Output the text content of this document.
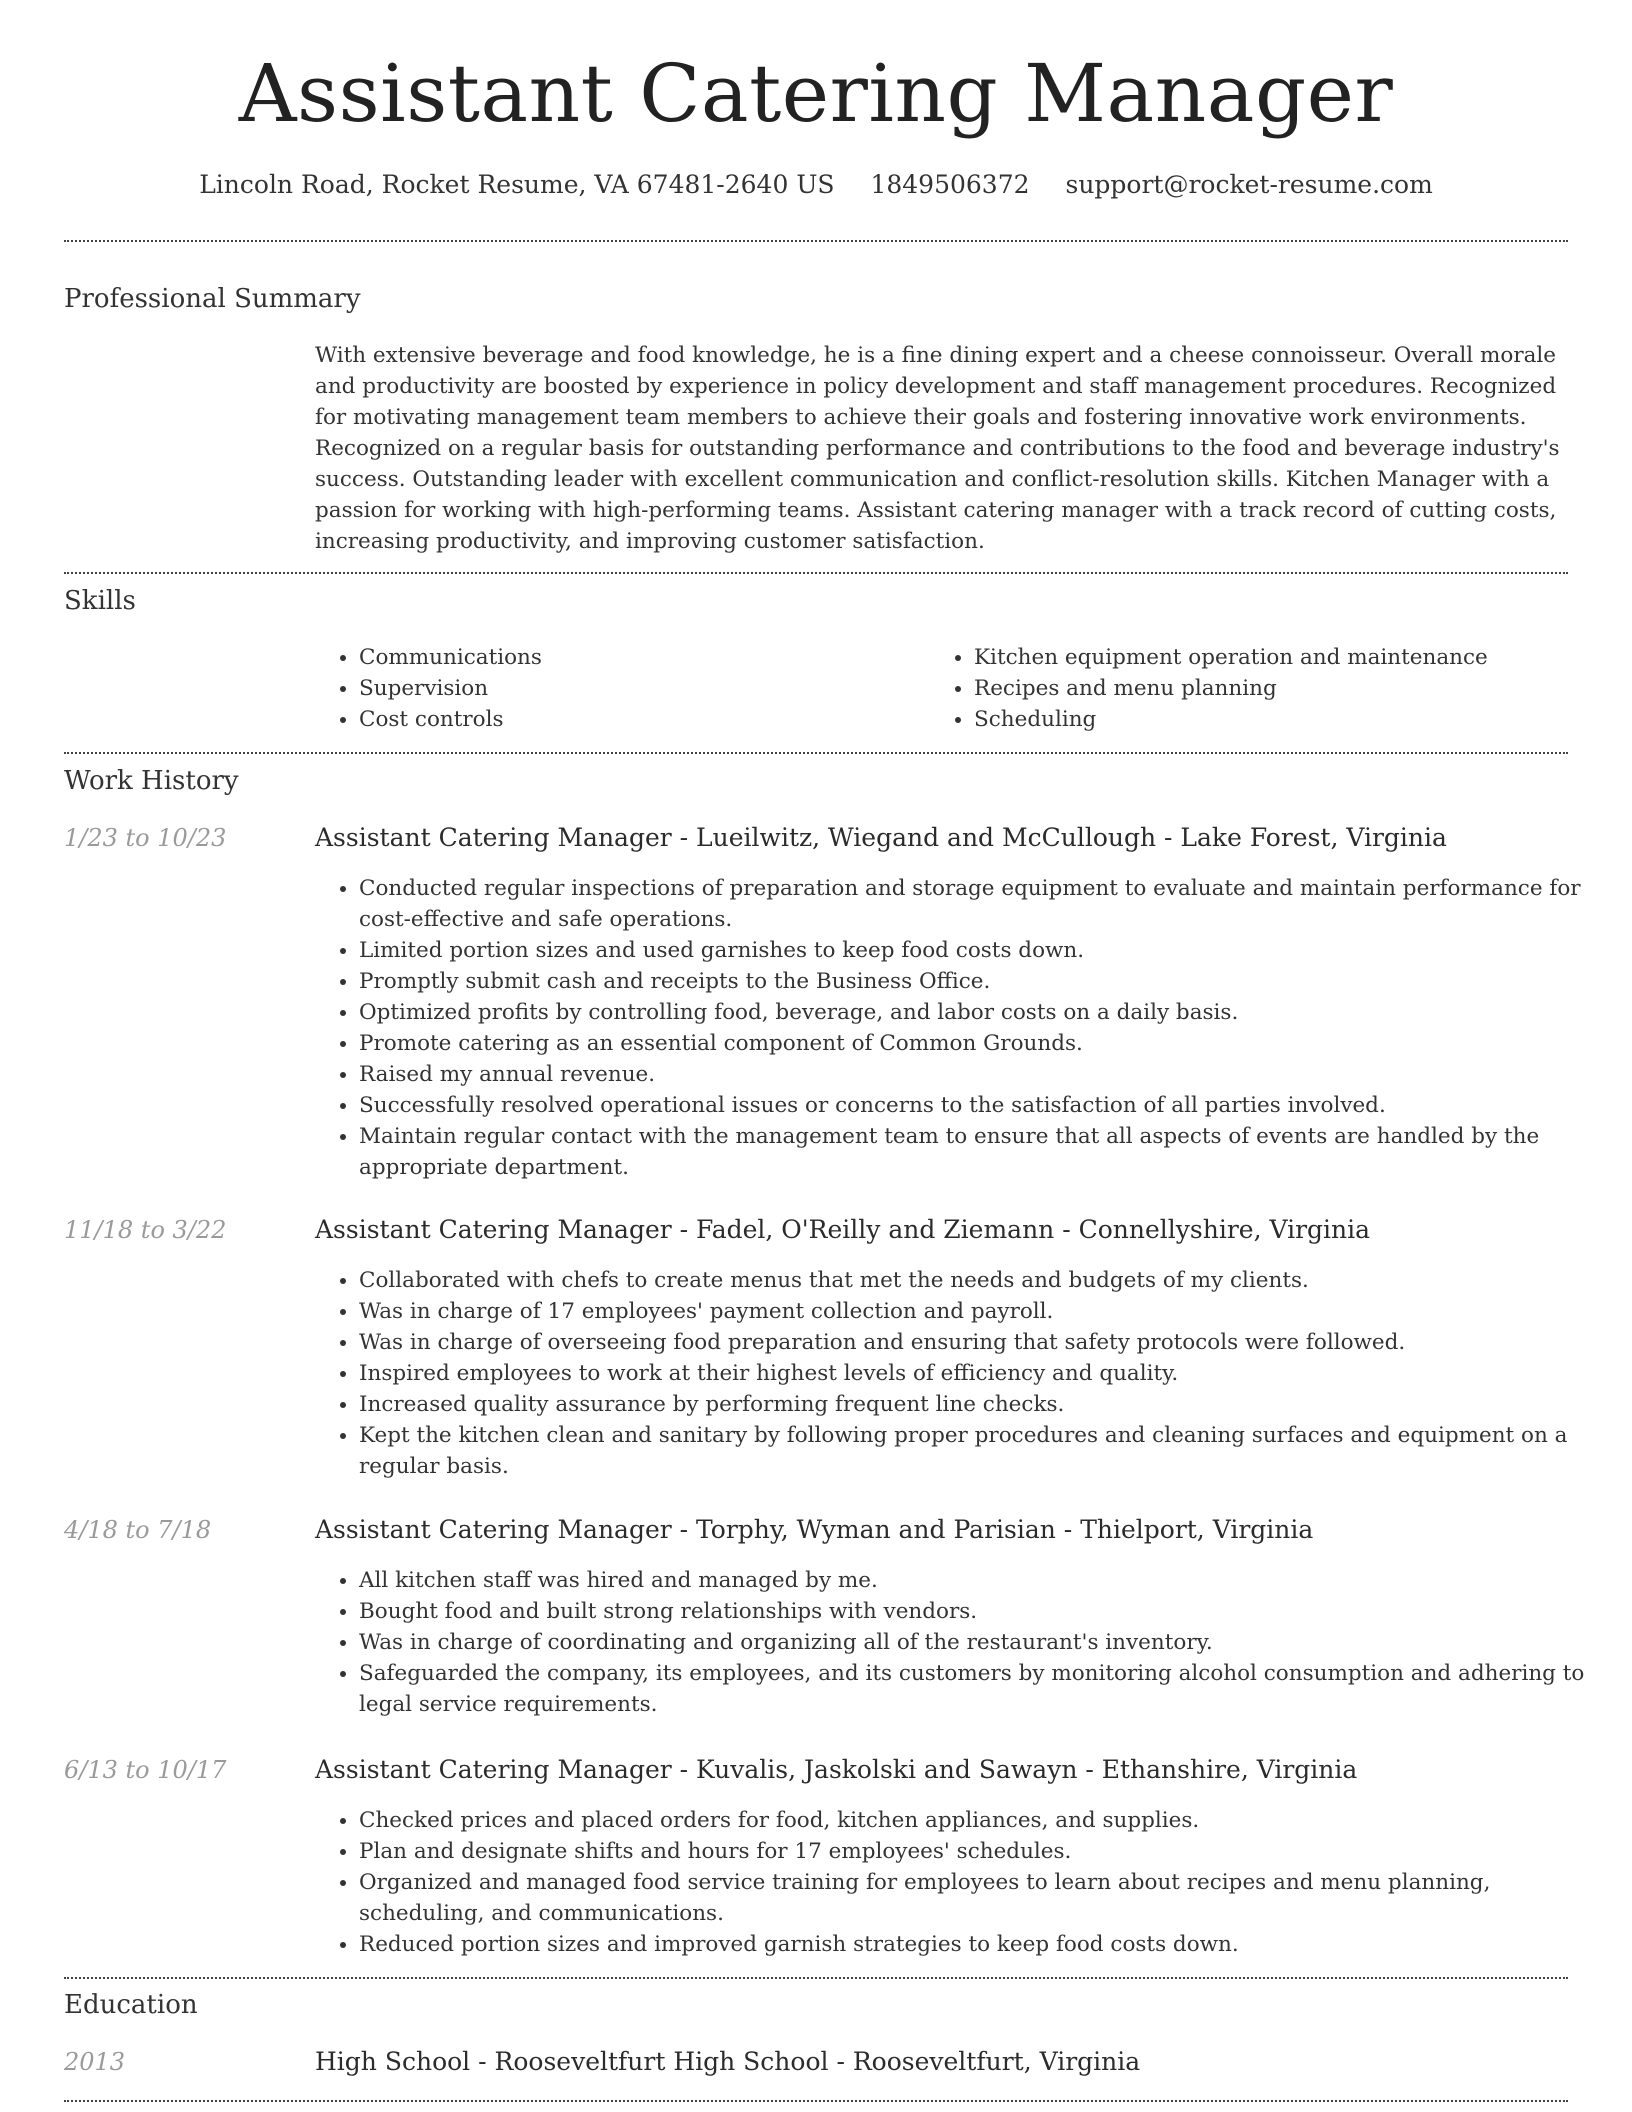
Assistant Catering Manager
Lincoln Road, Rocket Resume, VA 67481-2640 US 1849506372 support@rocket-resume.com
Professional Summary

With extensive beverage and food knowledge, he is a fine dining expert and a cheese connoisseur. Overall morale and productivity are boosted by experience in policy development and staff management procedures. Recognized for motivating management team members to achieve their goals and fostering innovative work environments. Recognized on a regular basis for outstanding performance and contributions to the food and beverage industry's success. Outstanding leader with excellent communication and conflict-resolution skills. Kitchen Manager with a passion for working with high-performing teams. Assistant catering manager with a track record of cutting costs, increasing productivity, and improving customer satisfaction.

Skills
• Communications
• Supervision
• Cost controls
• Kitchen equipment operation and maintenance
• Recipes and menu planning
• Scheduling
Work History
1/23 to 10/23	Assistant Catering Manager - Lueilwitz, Wiegand and McCullough - Lake Forest, Virginia
• Conducted regular inspections of preparation and storage equipment to evaluate and maintain performance for cost-effective and safe operations.
• Limited portion sizes and used garnishes to keep food costs down.
• Promptly submit cash and receipts to the Business Office.
• Optimized profits by controlling food, beverage, and labor costs on a daily basis.
• Promote catering as an essential component of Common Grounds.
• Raised my annual revenue.
• Successfully resolved operational issues or concerns to the satisfaction of all parties involved.
• Maintain regular contact with the management team to ensure that all aspects of events are handled by the appropriate department.
11/18 to 3/22	Assistant Catering Manager - Fadel, O'Reilly and Ziemann - Connellyshire, Virginia
• Collaborated with chefs to create menus that met the needs and budgets of my clients.
• Was in charge of 17 employees' payment collection and payroll.
• Was in charge of overseeing food preparation and ensuring that safety protocols were followed.
• Inspired employees to work at their highest levels of efficiency and quality.
• Increased quality assurance by performing frequent line checks.
• Kept the kitchen clean and sanitary by following proper procedures and cleaning surfaces and equipment on a regular basis.
4/18 to 7/18	Assistant Catering Manager - Torphy, Wyman and Parisian - Thielport, Virginia
• All kitchen staff was hired and managed by me.
• Bought food and built strong relationships with vendors.
• Was in charge of coordinating and organizing all of the restaurant's inventory.
• Safeguarded the company, its employees, and its customers by monitoring alcohol consumption and adhering to legal service requirements.
6/13 to 10/17	Assistant Catering Manager - Kuvalis, Jaskolski and Sawayn - Ethanshire, Virginia
• Checked prices and placed orders for food, kitchen appliances, and supplies.
• Plan and designate shifts and hours for 17 employees' schedules.
• Organized and managed food service training for employees to learn about recipes and menu planning, scheduling, and communications.
• Reduced portion sizes and improved garnish strategies to keep food costs down.
Education
2013	High School - Rooseveltfurt High School - Rooseveltfurt, Virginia
